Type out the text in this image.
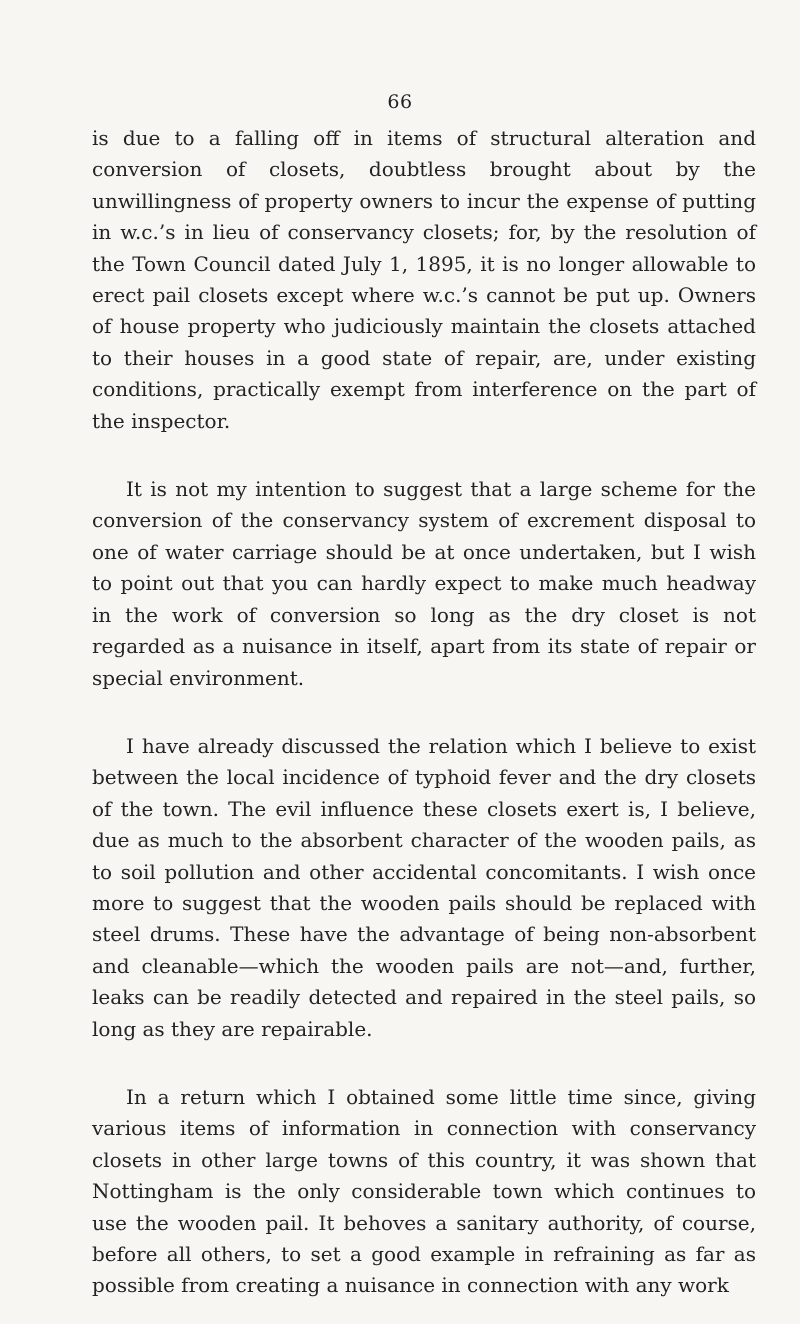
66

is due to a falling off in items of structural alteration and conversion of closets, doubtless brought about by the unwillingness of property owners to incur the expense of putting in w.c.’s in lieu of conservancy closets; for, by the resolution of the Town Council dated July 1, 1895, it is no longer allowable to erect pail closets except where w.c.’s cannot be put up. Owners of house property who judiciously maintain the closets attached to their houses in a good state of repair, are, under existing conditions, practically exempt from interference on the part of the inspector.

It is not my intention to suggest that a large scheme for the conversion of the conservancy system of excrement disposal to one of water carriage should be at once undertaken, but I wish to point out that you can hardly expect to make much headway in the work of conversion so long as the dry closet is not regarded as a nuisance in itself, apart from its state of repair or special environment.

I have already discussed the relation which I believe to exist between the local incidence of typhoid fever and the dry closets of the town. The evil influence these closets exert is, I believe, due as much to the absorbent character of the wooden pails, as to soil pollution and other accidental concomitants. I wish once more to suggest that the wooden pails should be replaced with steel drums. These have the advantage of being non-absorbent and cleanable—which the wooden pails are not—and, further, leaks can be readily detected and repaired in the steel pails, so long as they are repairable.

In a return which I obtained some little time since, giving various items of information in connection with conservancy closets in other large towns of this country, it was shown that Nottingham is the only considerable town which continues to use the wooden pail. It behoves a sanitary authority, of course, before all others, to set a good example in refraining as far as possible from creating a nuisance in connection with any work
